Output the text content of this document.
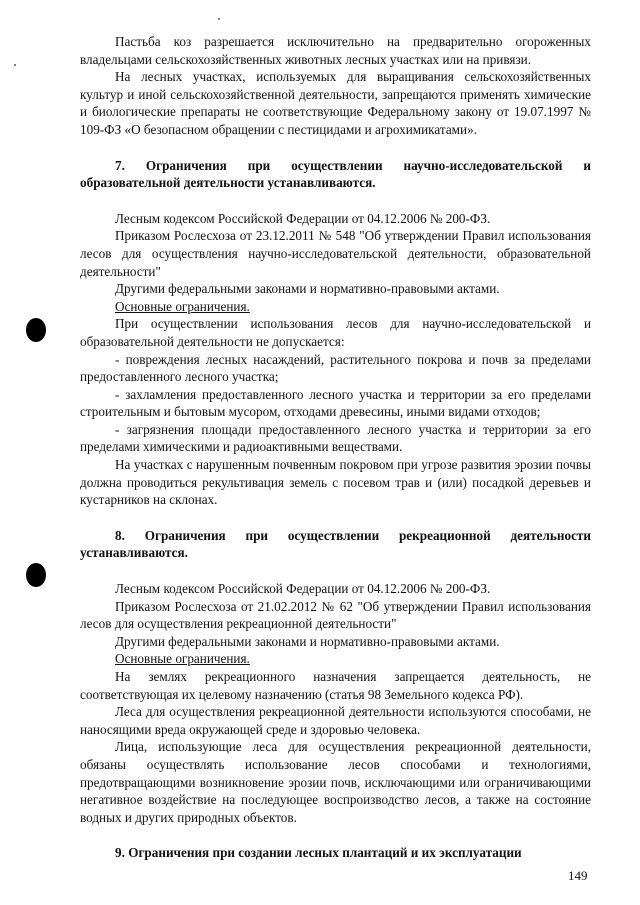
Пастьба коз разрешается исключительно на предварительно огороженных владельцами сельскохозяйственных животных лесных участках или на привязи.

На лесных участках, используемых для выращивания сельскохозяйственных культур и иной сельскохозяйственной деятельности, запрещаются применять химические и биологические препараты не соответствующие Федеральному закону от 19.07.1997 № 109-ФЗ «О безопасном обращении с пестицидами и агрохимикатами».

7. Ограничения при осуществлении научно-исследовательской и образовательной деятельности устанавливаются.

Лесным кодексом Российской Федерации от 04.12.2006 № 200-ФЗ.

Приказом Рослесхоза от 23.12.2011 № 548 "Об утверждении Правил использования лесов для осуществления научно-исследовательской деятельности, образовательной деятельности"

Другими федеральными законами и нормативно-правовыми актами.

Основные ограничения.

При осуществлении использования лесов для научно-исследовательской и образовательной деятельности не допускается:

- повреждения лесных насаждений, растительного покрова и почв за пределами предоставленного лесного участка;

- захламления предоставленного лесного участка и территории за его пределами строительным и бытовым мусором, отходами древесины, иными видами отходов;

- загрязнения площади предоставленного лесного участка и территории за его пределами химическими и радиоактивными веществами.

На участках с нарушенным почвенным покровом при угрозе развития эрозии почвы должна проводиться рекультивация земель с посевом трав и (или) посадкой деревьев и кустарников на склонах.

8. Ограничения при осуществлении рекреационной деятельности устанавливаются.

Лесным кодексом Российской Федерации от 04.12.2006 № 200-ФЗ.

Приказом Рослесхоза от 21.02.2012 № 62 "Об утверждении Правил использования лесов для осуществления рекреационной деятельности"

Другими федеральными законами и нормативно-правовыми актами.

Основные ограничения.

На землях рекреационного назначения запрещается деятельность, не соответствующая их целевому назначению (статья 98 Земельного кодекса РФ).

Леса для осуществления рекреационной деятельности используются способами, не наносящими вреда окружающей среде и здоровью человека.

Лица, использующие леса для осуществления рекреационной деятельности, обязаны осуществлять использование лесов способами и технологиями, предотвращающими возникновение эрозии почв, исключающими или ограничивающими негативное воздействие на последующее воспроизводство лесов, а также на состояние водных и других природных объектов.

9. Ограничения при создании лесных плантаций и их эксплуатации

149
